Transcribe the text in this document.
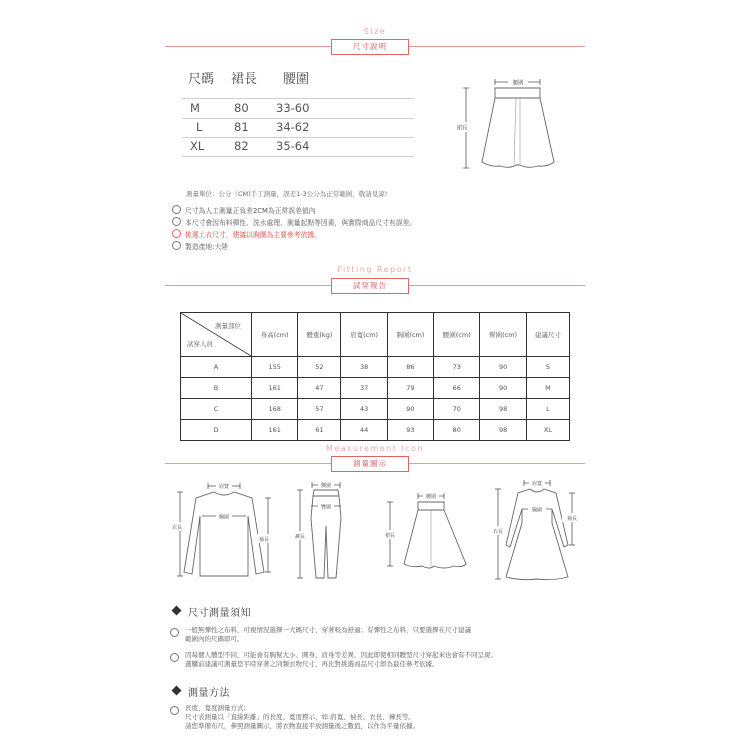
Size
尺寸說明
尺碼 裙長 腰圍
M	80 33-60
L	81 34-62
XL	82 35-64
腰圍
裙長
測量單位：公分（CM)手工測量，誤差1-3公分為正常範圍，敬請見諒!
尺寸為人工測量正負差2CM為正常誤差值內
本尺寸會因布料彈性、洗水處理、測量起點等因素，與實際商品尺寸有誤差。
挑選上衣尺寸，建議以胸圍為主要參考依據。
製造產地:大陸
Fitting Report
試穿報告
測量部位
試穿人員	身高(cm)	體重(kg)	肩寬(cm)	胸圍(cm)	腰圍(cm)	臀圍(cm)	建議尺寸
A	155	52	38	86	73	90	S
B	161	47	37	79	66	90	M
C	168	57	43	90	70	98	L
D	161	61	44	93	80	98	XL
Measurement icon
測量圖示
肩寬
胸圍
衣長
袖長
腰圍
臀圍
褲長
腰圍
裙長
肩寬
胸圍
衣長
袖長
尺寸測量須知
一般無彈性之布料，可視情況選擇一大碼尺寸，穿著較為舒適；有彈性之布料，只要選擇在尺寸建議
範圍內的尺碼即可。
因每個人體型不同，可能會有胸幫大小、圓身、肩身等差異，因此即使相同體型尺寸穿起來也會有不同呈現；
選購前建議可測量您平時穿著之同類衣物尺寸，再比對挑選商品尺寸即為最佳參考依據。
測量方法
長度、寬度測量方式:
尺寸表測量以「直線距離」的長度、寬度標示，如:肩寬、袖長、衣長、褲長等。
請您準備布尺，參照測量圖示，將衣物直接平放測量後之數值，以作為平量依據。
